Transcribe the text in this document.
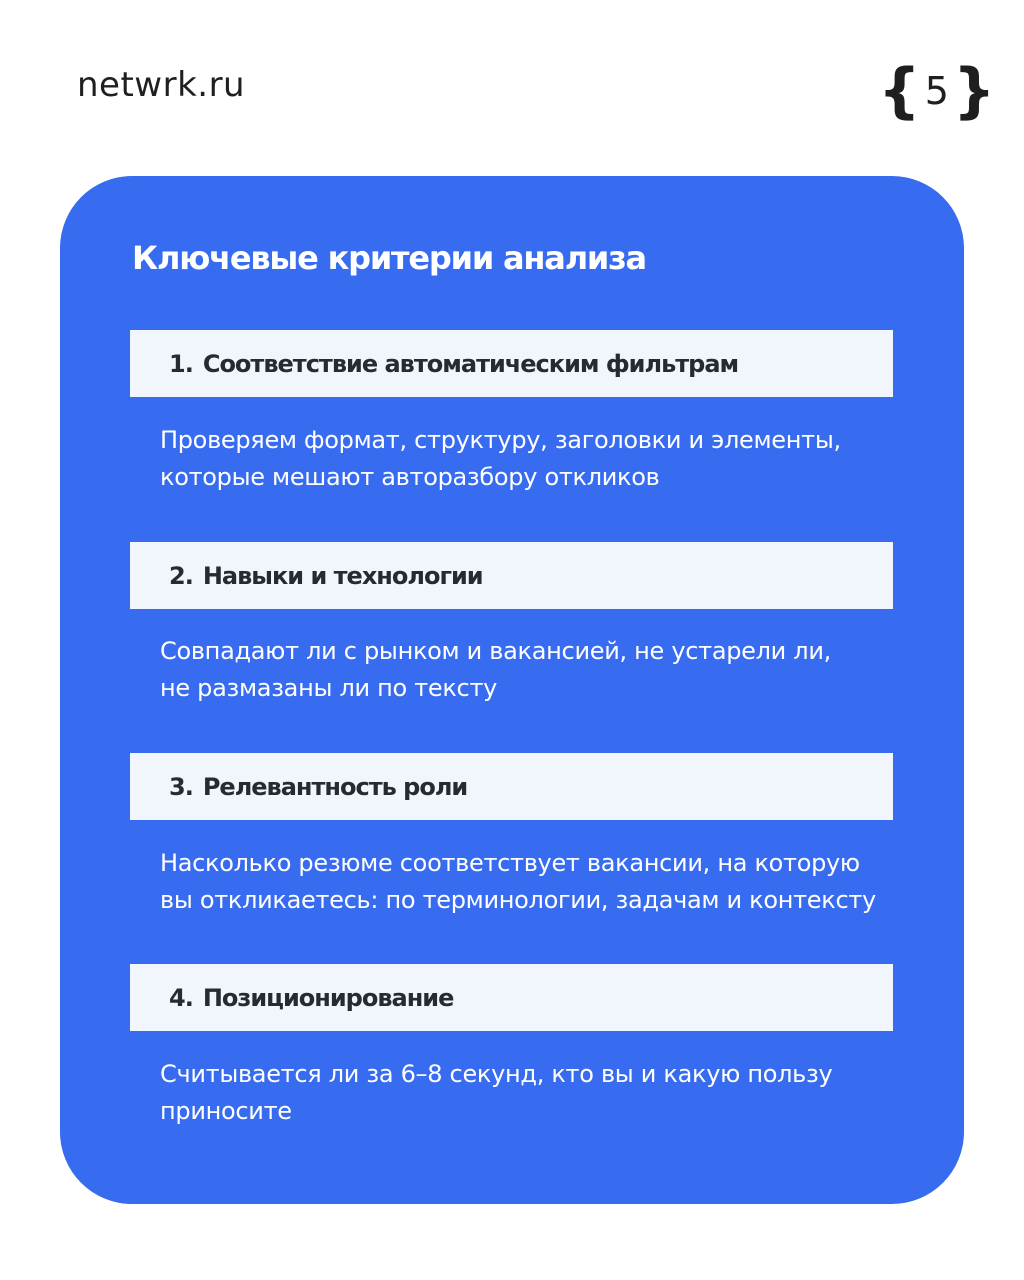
netwrk.ru	{ 5 }
Ключевые критерии анализа
1. Соответствие автоматическим фильтрам

Проверяем формат, структуру, заголовки и элементы,
которые мешают авторазбору откликов

2. Навыки и технологии

Совпадают ли с рынком и вакансией, не устарели ли,
не размазаны ли по тексту

3. Релевантность роли

Насколько резюме соответствует вакансии, на которую
вы откликаетесь: по терминологии, задачам и контексту

4. Позиционирование

Считывается ли за 6–8 секунд, кто вы и какую пользу
приносите
